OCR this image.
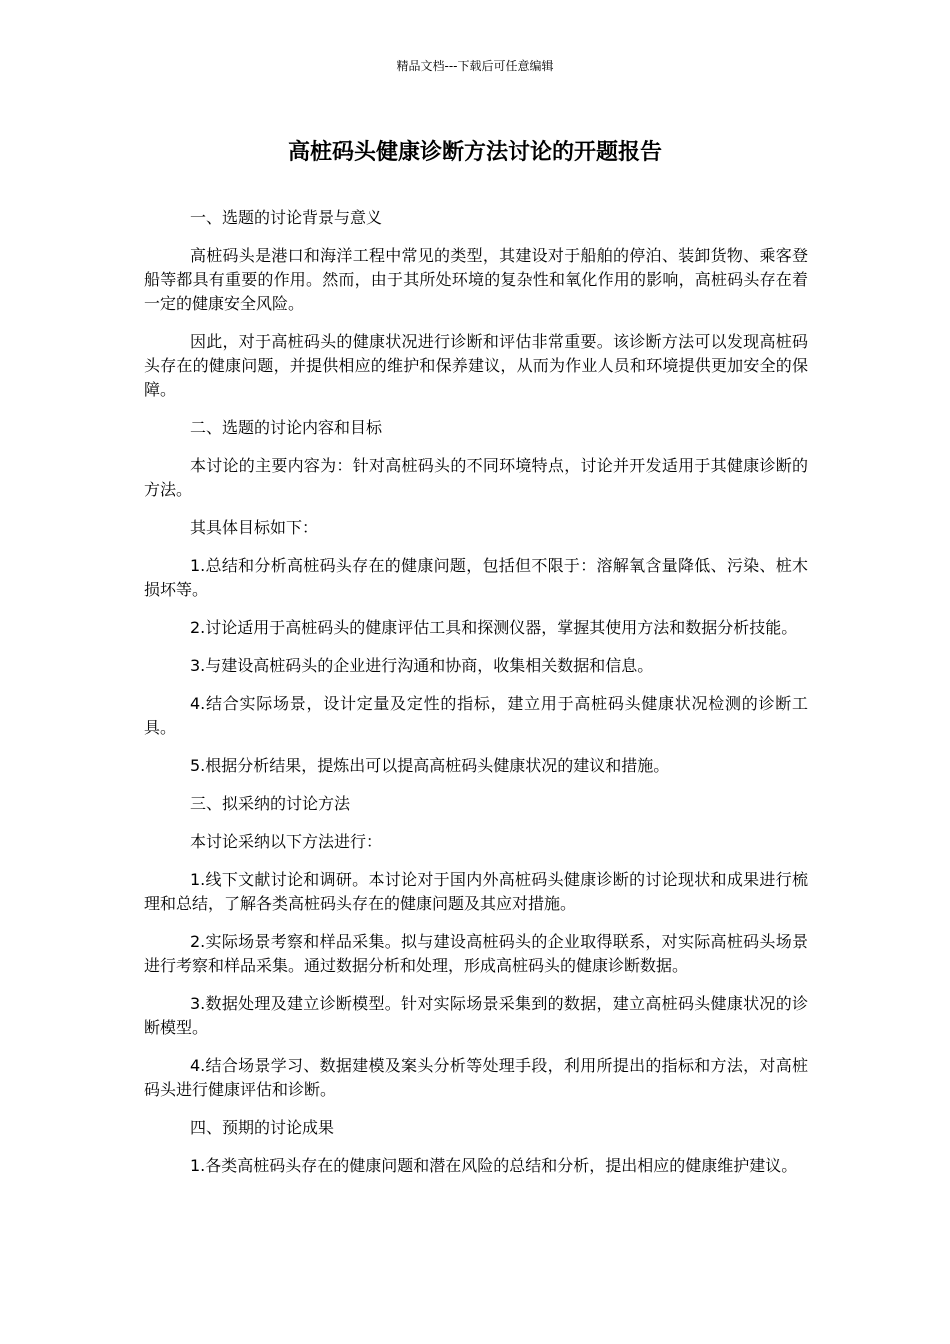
精品文档---下载后可任意编辑
高桩码头健康诊断方法讨论的开题报告

一、选题的讨论背景与意义

高桩码头是港口和海洋工程中常见的类型，其建设对于船舶的停泊、装卸货物、乘客登船等都具有重要的作用。然而，由于其所处环境的复杂性和氧化作用的影响，高桩码头存在着一定的健康安全风险。

因此，对于高桩码头的健康状况进行诊断和评估非常重要。该诊断方法可以发现高桩码头存在的健康问题，并提供相应的维护和保养建议，从而为作业人员和环境提供更加安全的保障。

二、选题的讨论内容和目标

本讨论的主要内容为：针对高桩码头的不同环境特点，讨论并开发适用于其健康诊断的方法。

其具体目标如下：

1.总结和分析高桩码头存在的健康问题，包括但不限于：溶解氧含量降低、污染、桩木损坏等。

2.讨论适用于高桩码头的健康评估工具和探测仪器，掌握其使用方法和数据分析技能。

3.与建设高桩码头的企业进行沟通和协商，收集相关数据和信息。

4.结合实际场景，设计定量及定性的指标，建立用于高桩码头健康状况检测的诊断工具。

5.根据分析结果，提炼出可以提高高桩码头健康状况的建议和措施。

三、拟采纳的讨论方法

本讨论采纳以下方法进行：

1.线下文献讨论和调研。本讨论对于国内外高桩码头健康诊断的讨论现状和成果进行梳理和总结，了解各类高桩码头存在的健康问题及其应对措施。

2.实际场景考察和样品采集。拟与建设高桩码头的企业取得联系，对实际高桩码头场景进行考察和样品采集。通过数据分析和处理，形成高桩码头的健康诊断数据。

3.数据处理及建立诊断模型。针对实际场景采集到的数据，建立高桩码头健康状况的诊断模型。

4.结合场景学习、数据建模及案头分析等处理手段，利用所提出的指标和方法，对高桩码头进行健康评估和诊断。

四、预期的讨论成果

1.各类高桩码头存在的健康问题和潜在风险的总结和分析，提出相应的健康维护建议。
